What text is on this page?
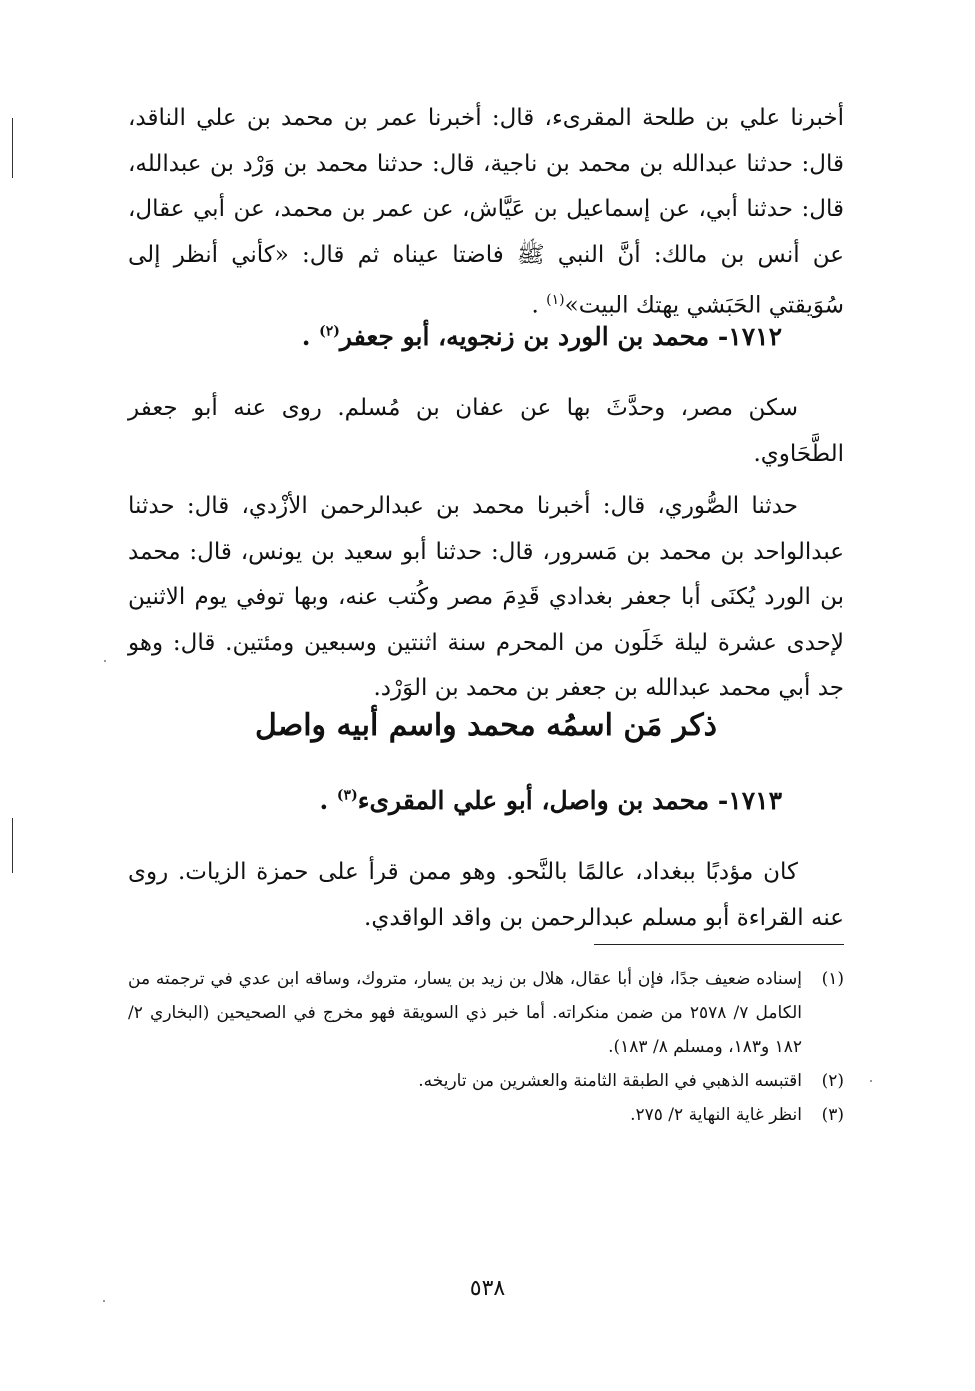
أخبرنا علي بن طلحة المقرىء، قال: أخبرنا عمر بن محمد بن علي الناقد، قال: حدثنا عبدالله بن محمد بن ناجية، قال: حدثنا محمد بن وَرْد بن عبدالله، قال: حدثنا أبي، عن إسماعيل بن عَيَّاش، عن عمر بن محمد، عن أبي عقال، عن أنس بن مالك: أنَّ النبي ﷺ فاضتا عيناه ثم قال: «كأني أنظر إلى سُوَيقتي الحَبَشي يهتك البيت»$^{(١)}$ .

١٧١٢- محمد بن الورد بن زنجويه، أبو جعفر$^{(٢)}$ .

سكن مصر، وحدَّثَ بها عن عفان بن مُسلم. روى عنه أبو جعفر الطَّحَاوي.

حدثنا الصُّوري، قال: أخبرنا محمد بن عبدالرحمن الأزْدي، قال: حدثنا عبدالواحد بن محمد بن مَسرور، قال: حدثنا أبو سعيد بن يونس، قال: محمد بن الورد يُكنَى أبا جعفر بغدادي قَدِمَ مصر وكُتب عنه، وبها توفي يوم الاثنين لإحدى عشرة ليلة خَلَون من المحرم سنة اثنتين وسبعين ومئتين. قال: وهو جد أبي محمد عبدالله بن جعفر بن محمد بن الوَرْد.

ذكر مَن اسمُه محمد واسم أبيه واصل
١٧١٣- محمد بن واصل، أبو علي المقرىء$^{(٣)}$ .

كان مؤدبًا ببغداد، عالمًا بالنَّحو. وهو ممن قرأ على حمزة الزيات. روى عنه القراءة أبو مسلم عبدالرحمن بن واقد الواقدي.

(١)
إسناده ضعيف جدًا، فإن أبا عقال، هلال بن زيد بن يسار، متروك، وساقه ابن عدي في ترجمته من الكامل ٧/ ٢٥٧٨ من ضمن منكراته. أما خبر ذي السويقة فهو مخرج في الصحيحين (البخاري ٢/ ١٨٢ و١٨٣، ومسلم ٨/ ١٨٣).

(٢)
اقتبسه الذهبي في الطبقة الثامنة والعشرين من تاريخه.

(٣)
انظر غاية النهاية ٢/ ٢٧٥.

٥٣٨
